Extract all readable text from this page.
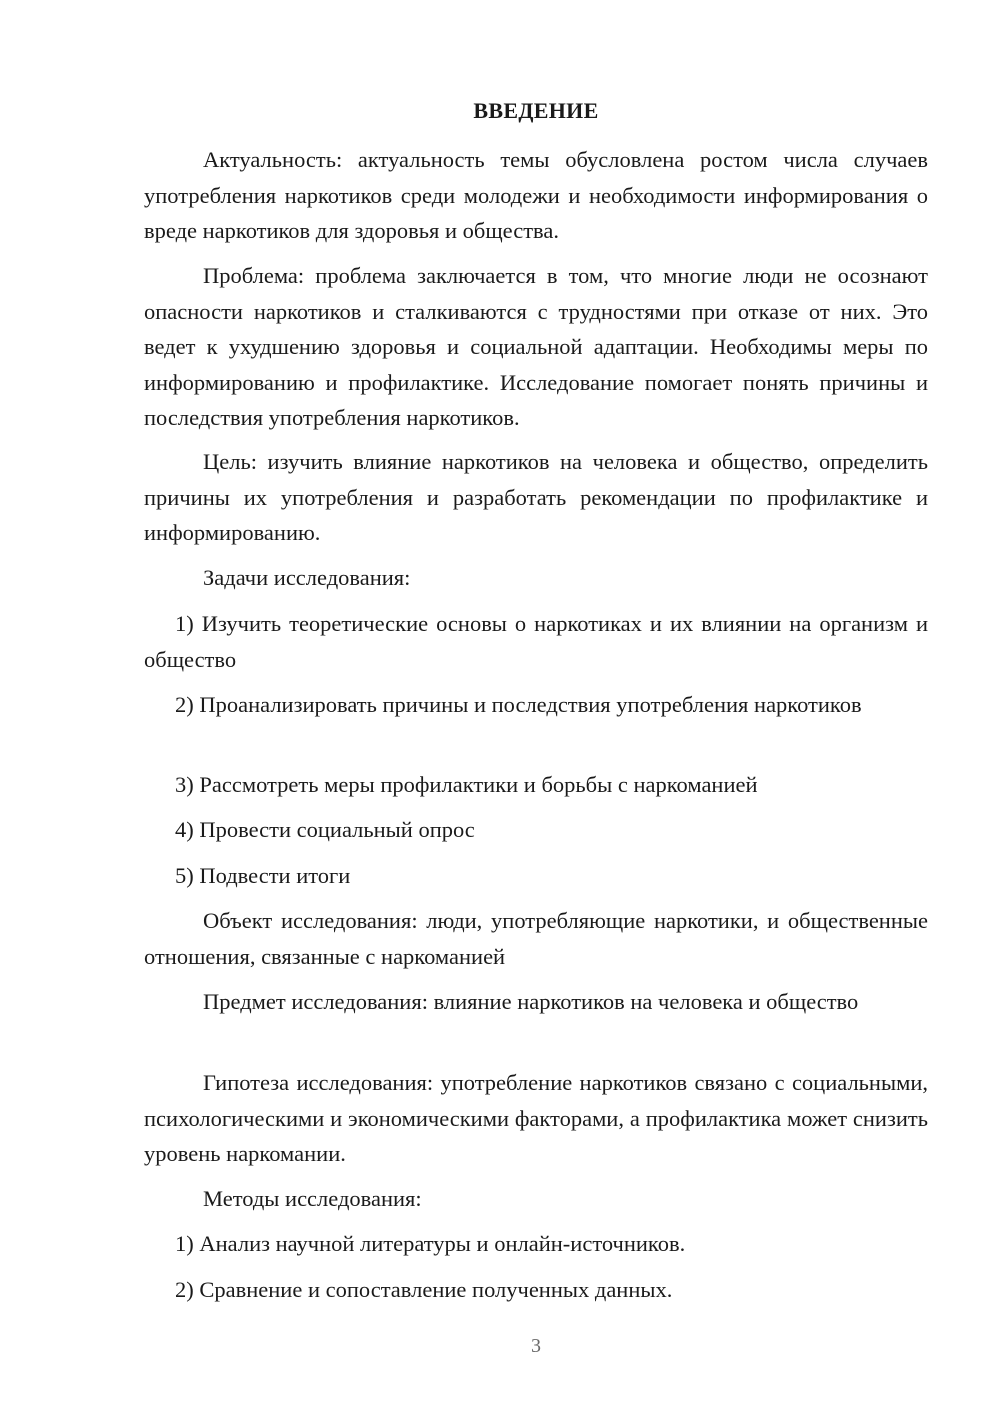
ВВЕДЕНИЕ

Актуальность: актуальность темы обусловлена ростом числа случаев употребления наркотиков среди молодежи и необходимости информирования о вреде наркотиков для здоровья и общества.

Проблема: проблема заключается в том, что многие люди не осознают опасности наркотиков и сталкиваются с трудностями при отказе от них. Это ведет к ухудшению здоровья и социальной адаптации. Необходимы меры по информированию и профилактике. Исследование помогает понять причины и последствия употребления наркотиков.

Цель: изучить влияние наркотиков на человека и общество, определить причины их употребления и разработать рекомендации по профилактике и информированию.

Задачи исследования:

1) Изучить теоретические основы о наркотиках и их влиянии на организм и общество

2) Проанализировать причины и последствия употребления наркотиков

3) Рассмотреть меры профилактики и борьбы с наркоманией

4) Провести социальный опрос

5) Подвести итоги

Объект исследования: люди, употребляющие наркотики, и общественные отношения, связанные с наркоманией

Предмет исследования: влияние наркотиков на человека и общество

Гипотеза исследования: употребление наркотиков связано с социальными, психологическими и экономическими факторами, а профилактика может снизить уровень наркомании.

Методы исследования:

1) Анализ научной литературы и онлайн-источников.

2) Сравнение и сопоставление полученных данных.

3
